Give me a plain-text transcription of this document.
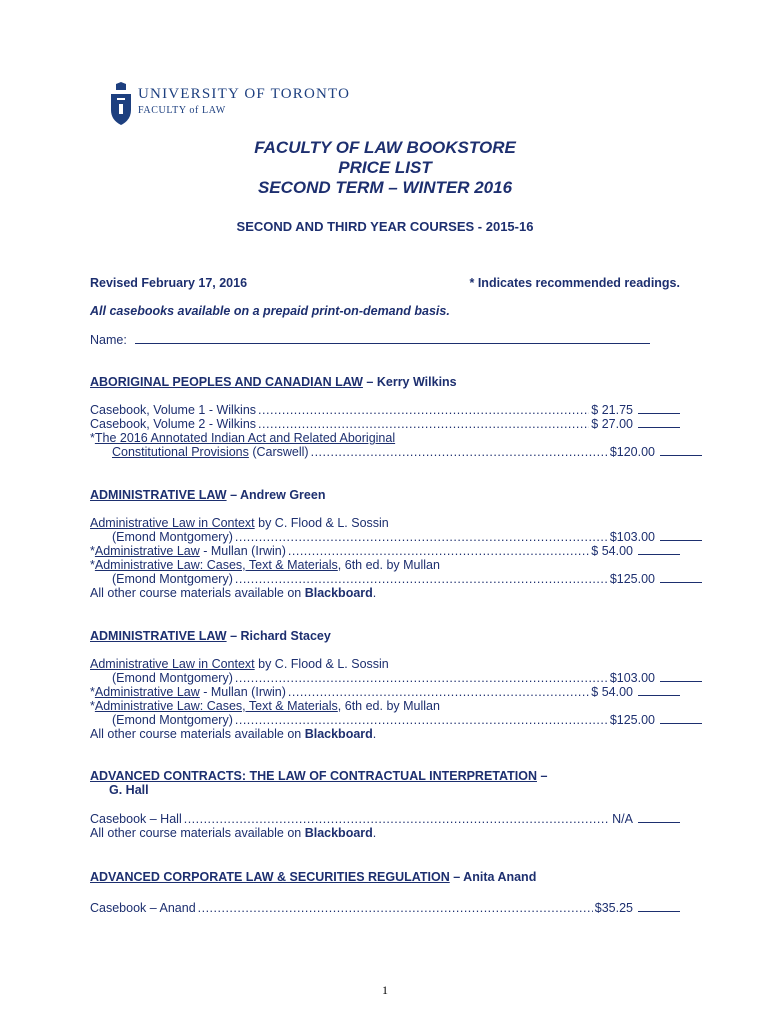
UNIVERSITY OF TORONTO
FACULTY of LAW
FACULTY OF LAW BOOKSTORE
PRICE LIST
SECOND TERM – WINTER 2016
SECOND AND THIRD YEAR COURSES - 2015-16
Revised February 17, 2016	* Indicates recommended readings.
All casebooks available on a prepaid print-on-demand basis.
Name:
ABORIGINAL PEOPLES AND CANADIAN LAW – Kerry Wilkins
Casebook, Volume 1 - Wilkins .....	$ 21.75
Casebook, Volume 2 - Wilkins .....	$ 27.00
*The 2016 Annotated Indian Act and Related Aboriginal
Constitutional Provisions (Carswell) .....	$120.00
ADMINISTRATIVE LAW – Andrew Green
Administrative Law in Context by C. Flood & L. Sossin
(Emond Montgomery) .....	$103.00
*Administrative Law - Mullan (Irwin) .....	$ 54.00
*Administrative Law: Cases, Text & Materials, 6th ed. by Mullan
(Emond Montgomery) .....	$125.00
All other course materials available on Blackboard.
ADMINISTRATIVE LAW – Richard Stacey
Administrative Law in Context by C. Flood & L. Sossin
(Emond Montgomery) .....	$103.00
*Administrative Law - Mullan (Irwin) .....	$ 54.00
*Administrative Law: Cases, Text & Materials, 6th ed. by Mullan
(Emond Montgomery) .....	$125.00
All other course materials available on Blackboard.
ADVANCED CONTRACTS: THE LAW OF CONTRACTUAL INTERPRETATION –
G. Hall
Casebook – Hall .....	N/A
All other course materials available on Blackboard.
ADVANCED CORPORATE LAW & SECURITIES REGULATION – Anita Anand
Casebook – Anand .....	$35.25
1
